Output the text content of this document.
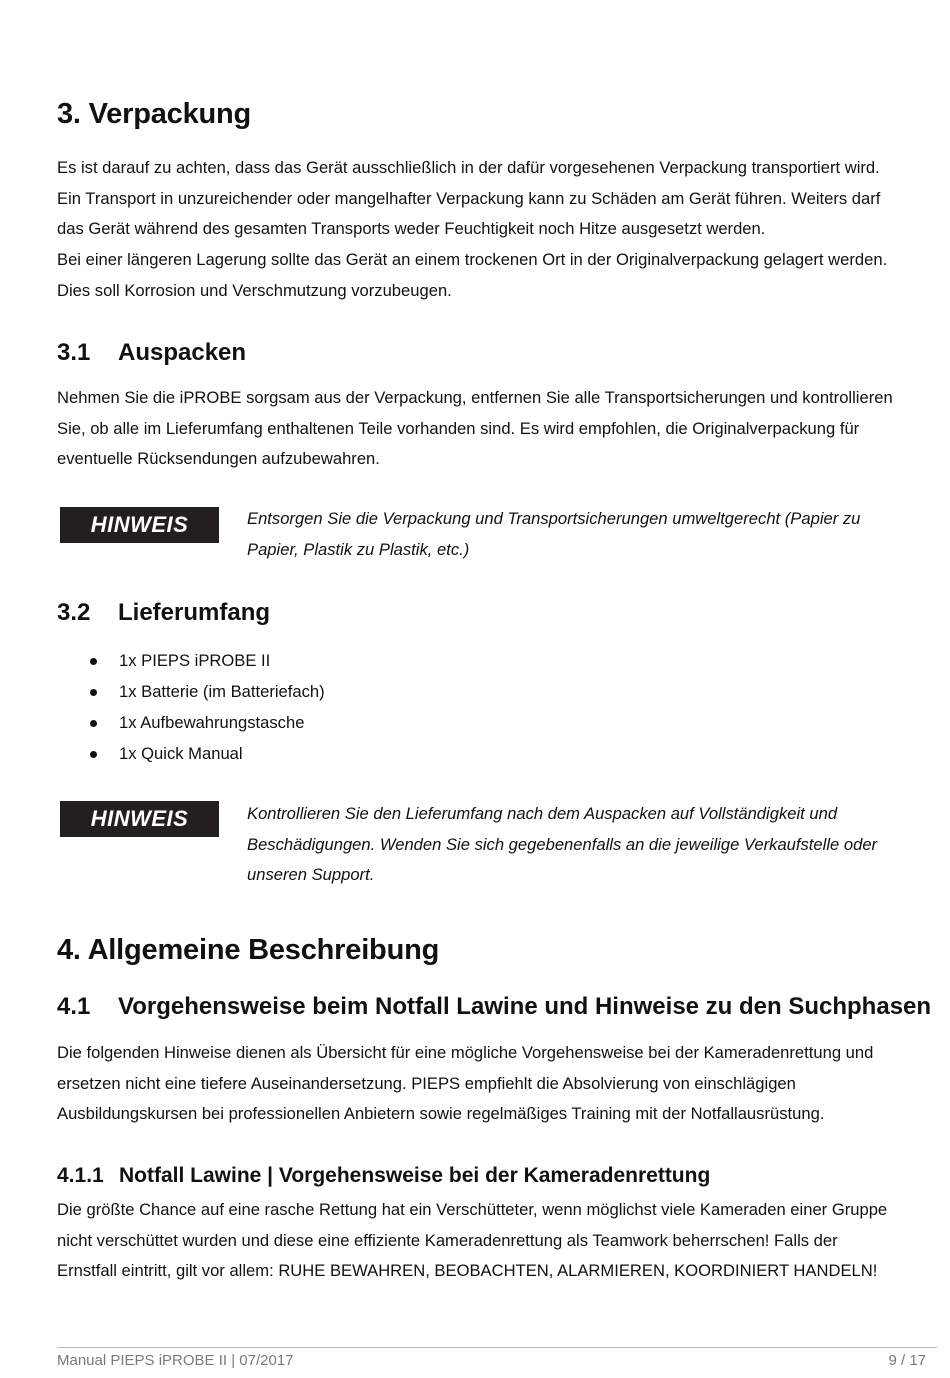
3. Verpackung
Es ist darauf zu achten, dass das Gerät ausschließlich in der dafür vorgesehenen Verpackung transportiert wird.
Ein Transport in unzureichender oder mangelhafter Verpackung kann zu Schäden am Gerät führen. Weiters darf
das Gerät während des gesamten Transports weder Feuchtigkeit noch Hitze ausgesetzt werden.
Bei einer längeren Lagerung sollte das Gerät an einem trockenen Ort in der Originalverpackung gelagert werden.
Dies soll Korrosion und Verschmutzung vorzubeugen.
3.1 Auspacken
Nehmen Sie die iPROBE sorgsam aus der Verpackung, entfernen Sie alle Transportsicherungen und kontrollieren
Sie, ob alle im Lieferumfang enthaltenen Teile vorhanden sind. Es wird empfohlen, die Originalverpackung für
eventuelle Rücksendungen aufzubewahren.
HINWEIS	Entsorgen Sie die Verpackung und Transportsicherungen umweltgerecht (Papier zu
Papier, Plastik zu Plastik, etc.)
3.2 Lieferumfang
1x PIEPS iPROBE II
1x Batterie (im Batteriefach)
1x Aufbewahrungstasche
1x Quick Manual
HINWEIS	Kontrollieren Sie den Lieferumfang nach dem Auspacken auf Vollständigkeit und
Beschädigungen. Wenden Sie sich gegebenenfalls an die jeweilige Verkaufstelle oder
unseren Support.
4. Allgemeine Beschreibung
4.1 Vorgehensweise beim Notfall Lawine und Hinweise zu den Suchphasen
Die folgenden Hinweise dienen als Übersicht für eine mögliche Vorgehensweise bei der Kameradenrettung und
ersetzen nicht eine tiefere Auseinandersetzung. PIEPS empfiehlt die Absolvierung von einschlägigen
Ausbildungskursen bei professionellen Anbietern sowie regelmäßiges Training mit der Notfallausrüstung.
4.1.1 Notfall Lawine | Vorgehensweise bei der Kameradenrettung
Die größte Chance auf eine rasche Rettung hat ein Verschütteter, wenn möglichst viele Kameraden einer Gruppe
nicht verschüttet wurden und diese eine effiziente Kameradenrettung als Teamwork beherrschen! Falls der
Ernstfall eintritt, gilt vor allem: RUHE BEWAHREN, BEOBACHTEN, ALARMIEREN, KOORDINIERT HANDELN!
Manual PIEPS iPROBE II | 07/2017	9 / 17
